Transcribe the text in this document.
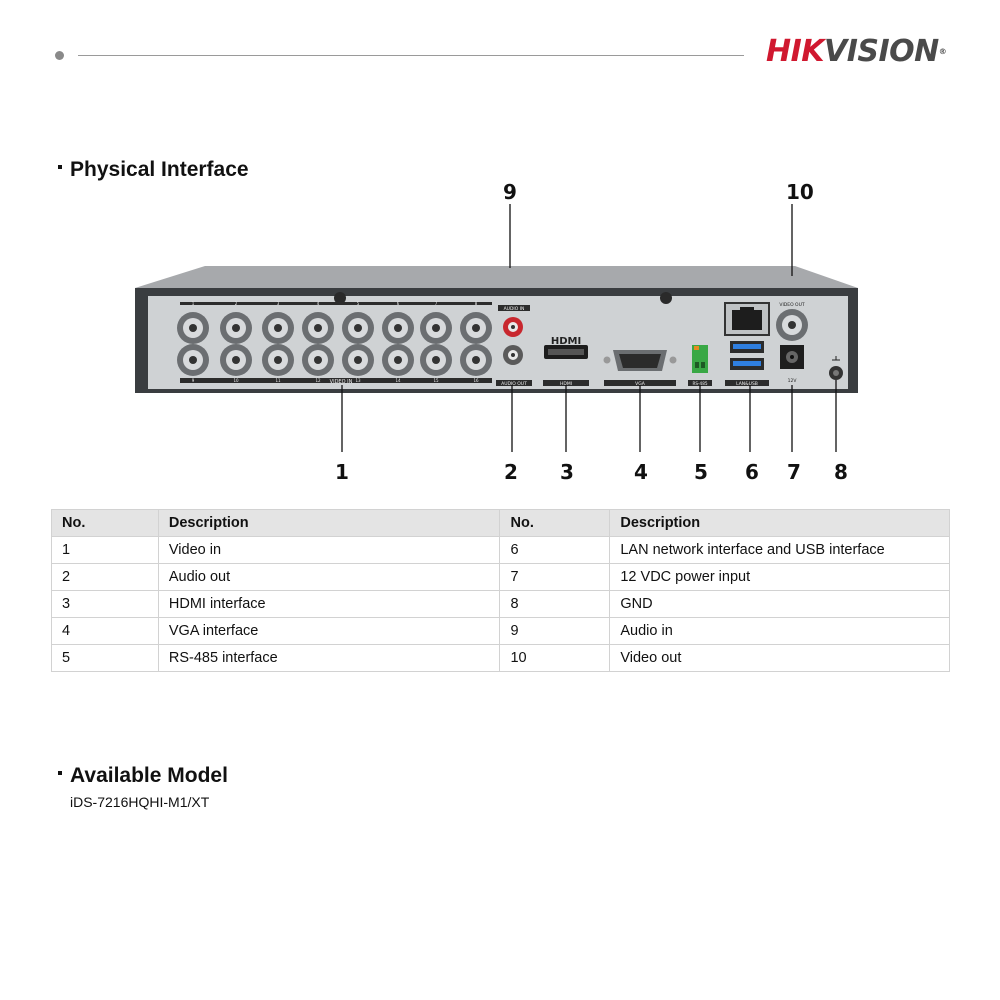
HIKVISION®
Physical Interface
VIDEO IN
AUDIO IN
AUDIO OUT
HDMI
HDMI	VGA	RS-485	LAN&USB
VIDEO OUT
12V
1	2	3	4	5	6	7	8
9	10	11	12	13	14	15	16
9	10
1	2 3	4 5 6 7 8
No.	Description	No.	Description
1	Video in	6	LAN network interface and USB interface
2	Audio out	7	12 VDC power input
3	HDMI interface	8	GND
4	VGA interface	9	Audio in
5	RS-485 interface	10	Video out
Available Model
iDS-7216HQHI-M1/XT
